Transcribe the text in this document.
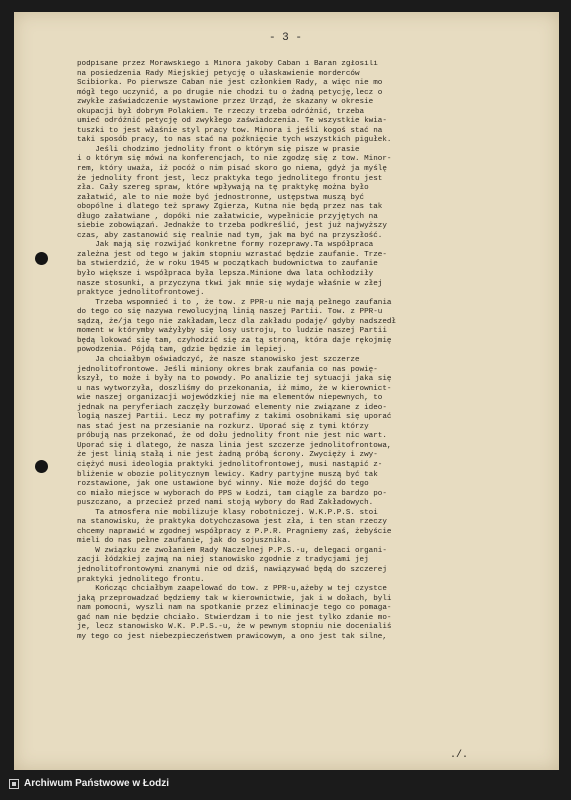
- 3 -
podpisane przez Morawskiego i Minora jakoby Caban i Baran zgłosili
na posiedzenia Rady Miejskiej petycję o ułaskawienie morderców
Scibiorka. Po pierwsze Caban nie jest członkiem Rady, a więc nie mo
mógł tego uczynić, a po drugie nie chodzi tu o żadną petycję,lecz o
zwykłe zaświadczenie wystawione przez Urząd, że skazany w okresie
okupacji był dobrym Polakiem. Te rzeczy trzeba odróżnić, trzeba
umieć odróżnić petycję od zwykłego zaświadczenia. Te wszystkie kwia-
tuszki to jest właśnie styl pracy tow. Minora i jeśli kogoś stać na
taki sposób pracy, to nas stać na pożknięcie tych wszystkich pigułek.
Jeśli chodzimo jednolity front o którym się pisze w prasie
i o którym się mówi na konferencjach, to nie zgodzę się z tow. Minor-
rem, który uważa, iż pocóż o nim pisać skoro go niema, gdyż ja myślę
że jednolity front jest, lecz praktyka tego jednolitego frontu jest
zła. Cały szereg spraw, które wpływają na tę praktykę można było
załatwić, ale to nie może być jednostronne, ustępstwa muszą być
obopólne i dlatego też sprawy Zgierza, Kutna nie będą przez nas tak
długo załatwiane , dopóki nie załatwicie, wypełnicie przyjętych na
siebie zobowiązań. Jednakże to trzeba podkreślić, jest już najwyższy
czas, aby zastanowić się realnie nad tym, jak ma być na przyszłość.
Jak mają się rozwijać konkretne formy rozeprawy.Ta współpraca
zależna jest od tego w jakim stopniu wzrastać będzie zaufanie. Trze-
ba stwierdzić, że w roku 1945 w początkach budownictwa to zaufanie
było większe i współpraca była lepsza.Minione dwa lata ochłodziły
nasze stosunki, a przyczyna tkwi jak mnie się wydaje właśnie w złej
praktyce jednolitofrontowej.
Trzeba wspomnieć i to , że tow. z PPR-u nie mają pełnego zaufania
do tego co się nazywa rewolucyjną linią naszej Partii. Tow. z PPR-u
sądzą, że/ja tego nie zakładam,lecz dla zakładu podaję/ gdyby nadszedł
moment w którymby ważyłyby się losy ustroju, to ludzie naszej Partii
będą lokować się tam, czyhodzić się za tą stroną, która daje rękojmię
powodzenia. Pójdą tam, gdzie będzie im lepiej.
Ja chciałbym oświadczyć, że nasze stanowisko jest szczerze
jednolitofrontowe. Jeśli miniony okres brak zaufania co nas powię-
kszył, to może i były na to powody. Po analizie tej sytuacji jaka się
u nas wytworzyła, doszliśmy do przekonania, iż mimo, że w kierownict-
wie naszej organizacji wojewódzkiej nie ma elementów niepewnych, to
jednak na peryferiach zaczęły burzować elementy nie związane z ideo-
logią naszej Partii. Lecz my potrafimy z takimi osobnikami się uporać
nas stać jest na przesianie na rozkurz. Uporać się z tymi którzy
próbują nas przekonać, że od dołu jednolity front nie jest nic wart.
Uporać się i dlatego, że nasza linia jest szczerze jednolitofrontowa,
że jest linią stałą i nie jest żadną próbą ścrony. Zwycięży i zwy-
ciężyć musi ideologia praktyki jednolitofrontowej, musi nastąpić z-
bliżenie w obozie politycznym lewicy. Kadry partyjne muszą być tak
rozstawione, jak one ustawione być winny. Nie może dojść do tego
co miało miejsce w wyborach do PPS w Łodzi, tam ciągle za bardzo po-
puszczano, a przecież przed nami stoją wybory do Rad Zakładowych.
Ta atmosfera nie mobilizuje klasy robotniczej. W.K.P.P.S. stoi
na stanowisku, że praktyka dotychczasowa jest zła, i ten stan rzeczy
chcemy naprawić w zgodnej współpracy z P.P.R. Pragniemy zaś, żebyście
mieli do nas pełne zaufanie, jak do sojusznika.
W związku ze zwołaniem Rady Naczelnej P.P.S.-u, delegaci organi-
zacji łódzkiej zajmą na niej stanowisko zgodnie z tradycjami jej
jednolitofrontowymi znanymi nie od dziś, nawiązywać będą do szczerej
praktyki jednolitego frontu.
Kończąc chciałbym zaapelować do tow. z PPR-u,ażeby w tej czystce
jaką przeprowadzać będziemy tak w kierownictwie, jak i w dołach, byli
nam pomocni, wyszli nam na spotkanie przez eliminacje tego co pomaga-
gać nam nie będzie chciało. Stwierdzam i to nie jest tylko zdanie mo-
je, lecz stanowisko W.K. P.P.S.-u, że w pewnym stopniu nie docenialiś
my tego co jest niebezpieczeństwem prawicowym, a ono jest tak silne,
./.
Archiwum Państwowe w Łodzi
